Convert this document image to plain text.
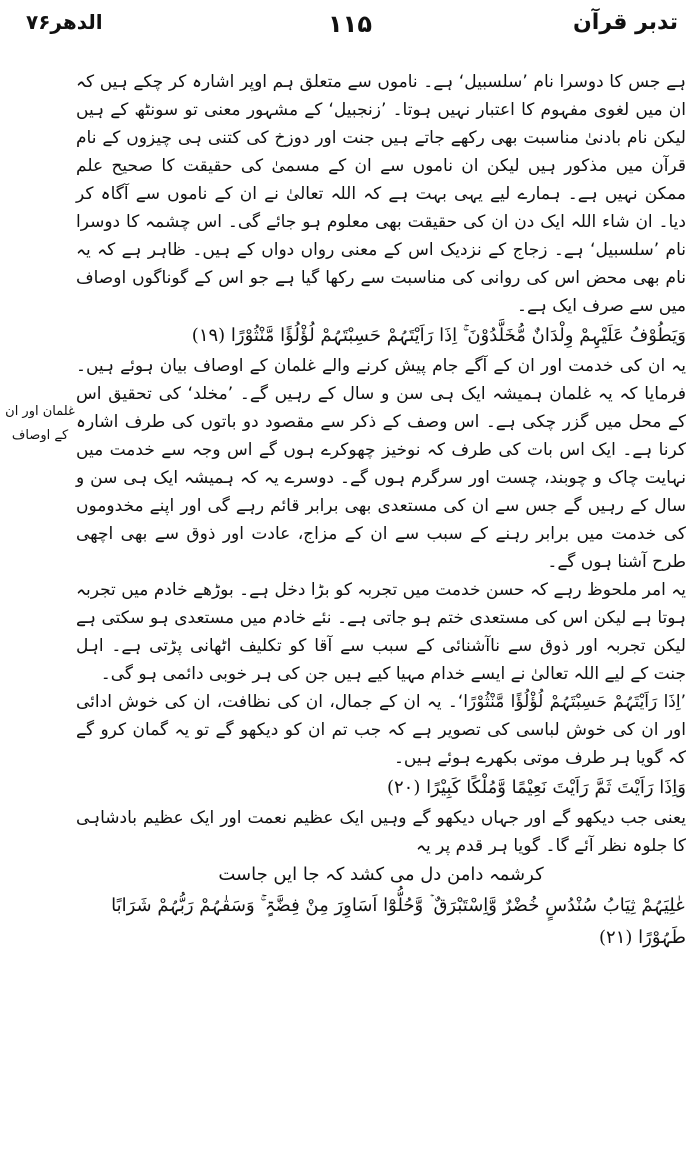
تدبر قرآن
۱۱۵
الدھر۷۶
غلمان اور ان کے اوصاف

ہے جس کا دوسرا نام ’سلسبیل‘ ہے۔ ناموں سے متعلق ہم اوپر اشارہ کر چکے ہیں کہ ان میں لغوی مفہوم کا اعتبار نہیں ہوتا۔ ’زنجبیل‘ کے مشہور معنی تو سونٹھ کے ہیں لیکن نام بادنیٰ مناسبت بھی رکھے جاتے ہیں جنت اور دوزخ کی کتنی ہی چیزوں کے نام قرآن میں مذکور ہیں لیکن ان ناموں سے ان کے مسمیٰ کی حقیقت کا صحیح علم ممکن نہیں ہے۔ ہمارے لیے یہی بہت ہے کہ اللہ تعالیٰ نے ان کے ناموں سے آگاہ کر دیا۔ ان شاء اللہ ایک دن ان کی حقیقت بھی معلوم ہو جائے گی۔ اس چشمہ کا دوسرا نام ’سلسبیل‘ ہے۔ زجاج کے نزدیک اس کے معنی رواں دواں کے ہیں۔ ظاہر ہے کہ یہ نام بھی محض اس کی روانی کی مناسبت سے رکھا گیا ہے جو اس کے گوناگوں اوصاف میں سے صرف ایک ہے۔

وَیَطُوْفُ عَلَیْہِمْ وِلْدَانٌ مُّخَلَّدُوْنَ ۚ اِذَا رَاَیْتَہُمْ حَسِبْتَہُمْ لُؤْلُؤًا مَّنْثُوْرًا (۱۹)

یہ ان کی خدمت اور ان کے آگے جام پیش کرنے والے غلمان کے اوصاف بیان ہوئے ہیں۔ فرمایا کہ یہ غلمان ہمیشہ ایک ہی سن و سال کے رہیں گے۔ ’مخلد‘ کی تحقیق اس کے محل میں گزر چکی ہے۔ اس وصف کے ذکر سے مقصود دو باتوں کی طرف اشارہ کرنا ہے۔ ایک اس بات کی طرف کہ نوخیز چھوکرے ہوں گے اس وجہ سے خدمت میں نہایت چاک و چوبند، چست اور سرگرم ہوں گے۔ دوسرے یہ کہ ہمیشہ ایک ہی سن و سال کے رہیں گے جس سے ان کی مستعدی بھی برابر قائم رہے گی اور اپنے مخدوموں کی خدمت میں برابر رہنے کے سبب سے ان کے مزاج، عادت اور ذوق سے بھی اچھی طرح آشنا ہوں گے۔

یہ امر ملحوظ رہے کہ حسن خدمت میں تجربہ کو بڑا دخل ہے۔ بوڑھے خادم میں تجربہ ہوتا ہے لیکن اس کی مستعدی ختم ہو جاتی ہے۔ نئے خادم میں مستعدی ہو سکتی ہے لیکن تجربہ اور ذوق سے ناآشنائی کے سبب سے آقا کو تکلیف اٹھانی پڑتی ہے۔ اہل جنت کے لیے اللہ تعالیٰ نے ایسے خدام مہیا کیے ہیں جن کی ہر خوبی دائمی ہو گی۔

’اِذَا رَاَیْتَہُمْ حَسِبْتَہُمْ لُؤْلُؤًا مَّنْثُوْرًا‘۔ یہ ان کے جمال، ان کی نظافت، ان کی خوش ادائی اور ان کی خوش لباسی کی تصویر ہے کہ جب تم ان کو دیکھو گے تو یہ گمان کرو گے کہ گویا ہر طرف موتی بکھرے ہوئے ہیں۔

وَاِذَا رَاَیْتَ ثَمَّ رَاَیْتَ نَعِیْمًا وَّمُلْکًا کَبِیْرًا (۲۰)

یعنی جب دیکھو گے اور جہاں دیکھو گے وہیں ایک عظیم نعمت اور ایک عظیم بادشاہی کا جلوہ نظر آئے گا۔ گویا ہر قدم پر یہ

کرشمہ دامن دل می کشد کہ جا ایں جاست

عٰلِیَہُمْ ثِیَابُ سُنْدُسٍ خُضْرٌ وَّاِسْتَبْرَقٌ ۡ وَّحُلُّوْٓا اَسَاوِرَ مِنْ فِضَّۃٍ ۚ وَسَقٰہُمْ رَبُّہُمْ شَرَابًا طَہُوْرًا (۲۱)
